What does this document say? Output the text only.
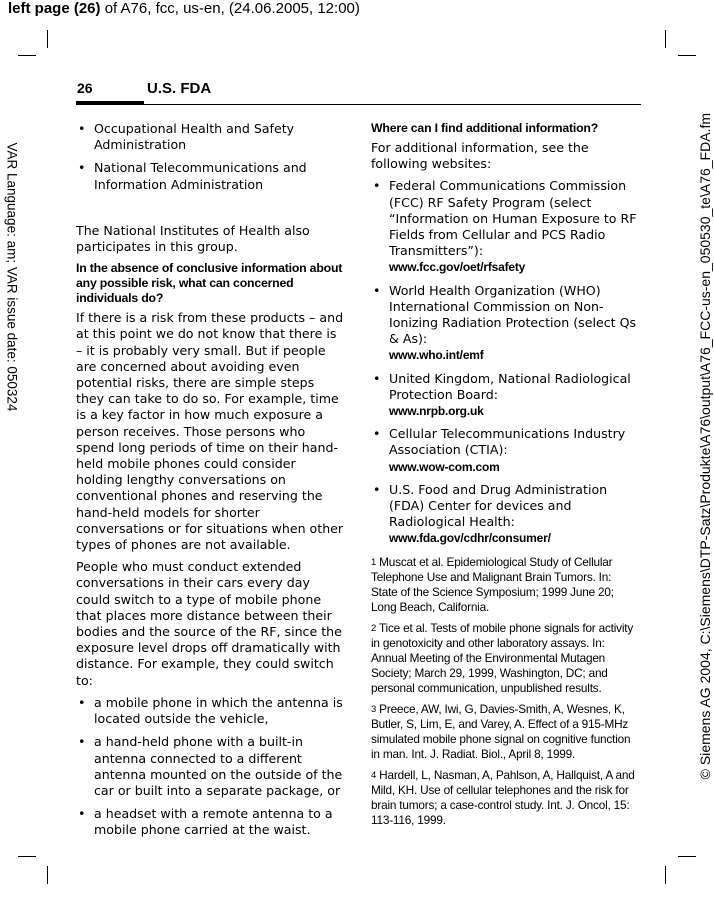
left page (26) of A76, fcc, us-en, (24.06.2005, 12:00)
VAR Language: am; VAR issue date: 050324	© Siemens AG 2004, C:\Siemens\DTP-Satz\Produkte\A76\output\A76_FCC-us-en_050530_te\A76_FDA.fm
26	U.S. FDA
• Occupational Health and Safety Administration
• National Telecommunications and Information Administration

The National Institutes of Health also participates in this group.

In the absence of conclusive information about any possible risk, what can concerned individuals do?

If there is a risk from these products – and at this point we do not know that there is – it is probably very small. But if people are concerned about avoiding even potential risks, there are simple steps they can take to do so. For example, time is a key factor in how much exposure a person receives. Those persons who spend long periods of time on their hand-held mobile phones could consider holding lengthy conversations on conventional phones and reserving the hand-held models for shorter conversations or for situations when other types of phones are not available.

People who must conduct extended conversations in their cars every day could switch to a type of mobile phone that places more distance between their bodies and the source of the RF, since the exposure level drops off dramatically with distance. For example, they could switch to:

• a mobile phone in which the antenna is located outside the vehicle,
• a hand-held phone with a built-in antenna connected to a different antenna mounted on the outside of the car or built into a separate package, or
• a headset with a remote antenna to a mobile phone carried at the waist.
Where can I find additional information?

For additional information, see the following websites:

• Federal Communications Commission (FCC) RF Safety Program (select “Information on Human Exposure to RF Fields from Cellular and PCS Radio Transmitters”):
www.fcc.gov/oet/rfsafety
• World Health Organization (WHO) International Commission on Non-Ionizing Radiation Protection (select Qs & As):
www.who.int/emf
• United Kingdom, National Radiological Protection Board:
www.nrpb.org.uk
• Cellular Telecommunications Industry Association (CTIA):
www.wow-com.com
• U.S. Food and Drug Administration (FDA) Center for devices and Radiological Health:
www.fda.gov/cdhr/consumer/
$^1$ Muscat et al. Epidemiological Study of Cellular Telephone Use and Malignant Brain Tumors. In: State of the Science Symposium; 1999 June 20; Long Beach, California.
$^2$ Tice et al. Tests of mobile phone signals for activity in genotoxicity and other laboratory assays. In: Annual Meeting of the Environmental Mutagen Society; March 29, 1999, Washington, DC; and personal communication, unpublished results.
$^3$ Preece, AW, Iwi, G, Davies-Smith, A, Wesnes, K, Butler, S, Lim, E, and Varey, A. Effect of a 915-MHz simulated mobile phone signal on cognitive function in man. Int. J. Radiat. Biol., April 8, 1999.
$^4$ Hardell, L, Nasman, A, Pahlson, A, Hallquist, A and Mild, KH. Use of cellular telephones and the risk for brain tumors; a case-control study. Int. J. Oncol, 15: 113-116, 1999.
